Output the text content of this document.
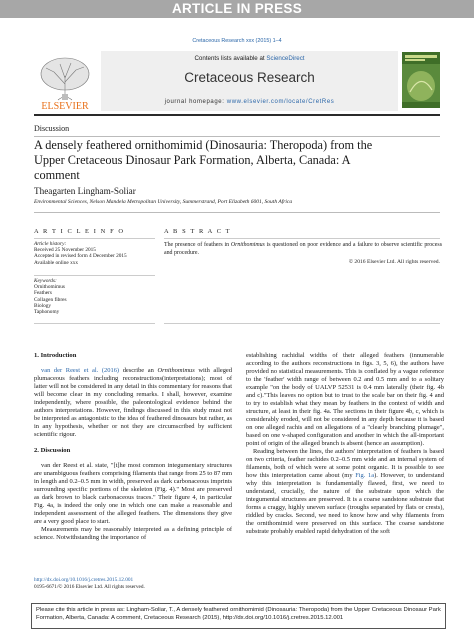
ARTICLE IN PRESS
Cretaceous Research xxx (2015) 1–4
ELSEVIER
Contents lists available at ScienceDirect
Cretaceous Research
journal homepage: www.elsevier.com/locate/CretRes
Discussion
A densely feathered ornithomimid (Dinosauria: Theropoda) from the
Upper Cretaceous Dinosaur Park Formation, Alberta, Canada: A
comment
Theagarten Lingham-Soliar
Environmental Sciences, Nelson Mandela Metropolitan University, Summerstrand, Port Elizabeth 6001, South Africa
A R T I C L E I N F O
Article history:
Received 25 November 2015
Accepted in revised form 4 December 2015
Available online xxx
Keywords:
Ornithomimus
Feathers
Collagen fibres
Biology
Taphonomy
A B S T R A C T
The presence of feathers in Ornithomimus is questioned on poor evidence and a failure to observe scientific process and procedure.
© 2016 Elsevier Ltd. All rights reserved.

1. Introduction

van der Reest et al. (2016) describe an Ornithomimus with alleged plumaceous feathers including reconstructions(interpretations); most of latter will not be considered in any detail in this commentary for reasons that will become clear in my concluding remarks. I shall, however, examine independently, where possible, the paleontological evidence behind the authors interpretations. However, findings discussed in this study must not be interpreted as antagonistic to the idea of feathered dinosaurs but rather, as in any hypothesis, whether or not they are circumscribed by sufficient scientific rigour.

2. Discussion

van der Reest et al. state, "[t]he most common integumentary structures are unambiguous feathers comprising filaments that range from 25 to 87 mm in length and 0.2–0.5 mm in width, preserved as dark carbonaceous imprints surrounding specific portions of the skeleton (Fig. 4)." Most are preserved as dark brown to black carbonaceous traces." Their figure 4, in particular Fig. 4a, is indeed the only one in which one can make a reasonable and independent assessment of the alleged feathers. The dimensions they give are a very good place to start.

Measurements may be reasonably interpreted as a defining principle of science. Notwithstanding the importance of

establishing rachidial widths of their alleged feathers (innumerable according to the authors reconstructions in figs. 3, 5, 6), the authors have provided no statistical measurements. This is conflated by a vague reference to the 'feather' width range of between 0.2 and 0.5 mm and to a solitary example "on the body of UALVP 52531 is 0.4 mm laterally (their fig. 4b and c)."This leaves no option but to trust to the scale bar on their fig. 4 and to try to establish what they mean by feathers in the context of width and structure, at least in their fig. 4a. The sections in their figure 4b, c, which is considerably eroded, will not be considered in any depth because it is based on one alleged rachis and on allegations of a "clearly branching plumage", based on one v-shaped configuration and another in which the all-important point of origin of the alleged branch is absent (hence an assumption).

Reading between the lines, the authors' interpretation of feathers is based on two criteria, feather rachides 0.2–0.5 mm wide and an internal system of filaments, both of which were at some point organic. It is possible to see how this interpretation came about (my Fig. 1a). However, to understand why this interpretation is fundamentally flawed, first, we need to understand, crucially, the nature of the substrate upon which the integumental structures are preserved. It is a coarse sandstone substrate that forms a craggy, highly uneven surface (troughs separated by flats or crests), riddled by cracks. Second, we need to know how and why filaments from the ornithomimid were preserved on this surface. The coarse sandstone substrate probably enabled rapid dehydration of the soft

http://dx.doi.org/10.1016/j.cretres.2015.12.001
0195-6671/© 2016 Elsevier Ltd. All rights reserved.
Please cite this article in press as: Lingham-Soliar, T., A densely feathered ornithomimid (Dinosauria: Theropoda) from the Upper Cretaceous Dinosaur Park Formation, Alberta, Canada: A comment, Cretaceous Research (2015), http://dx.doi.org/10.1016/j.cretres.2015.12.001
